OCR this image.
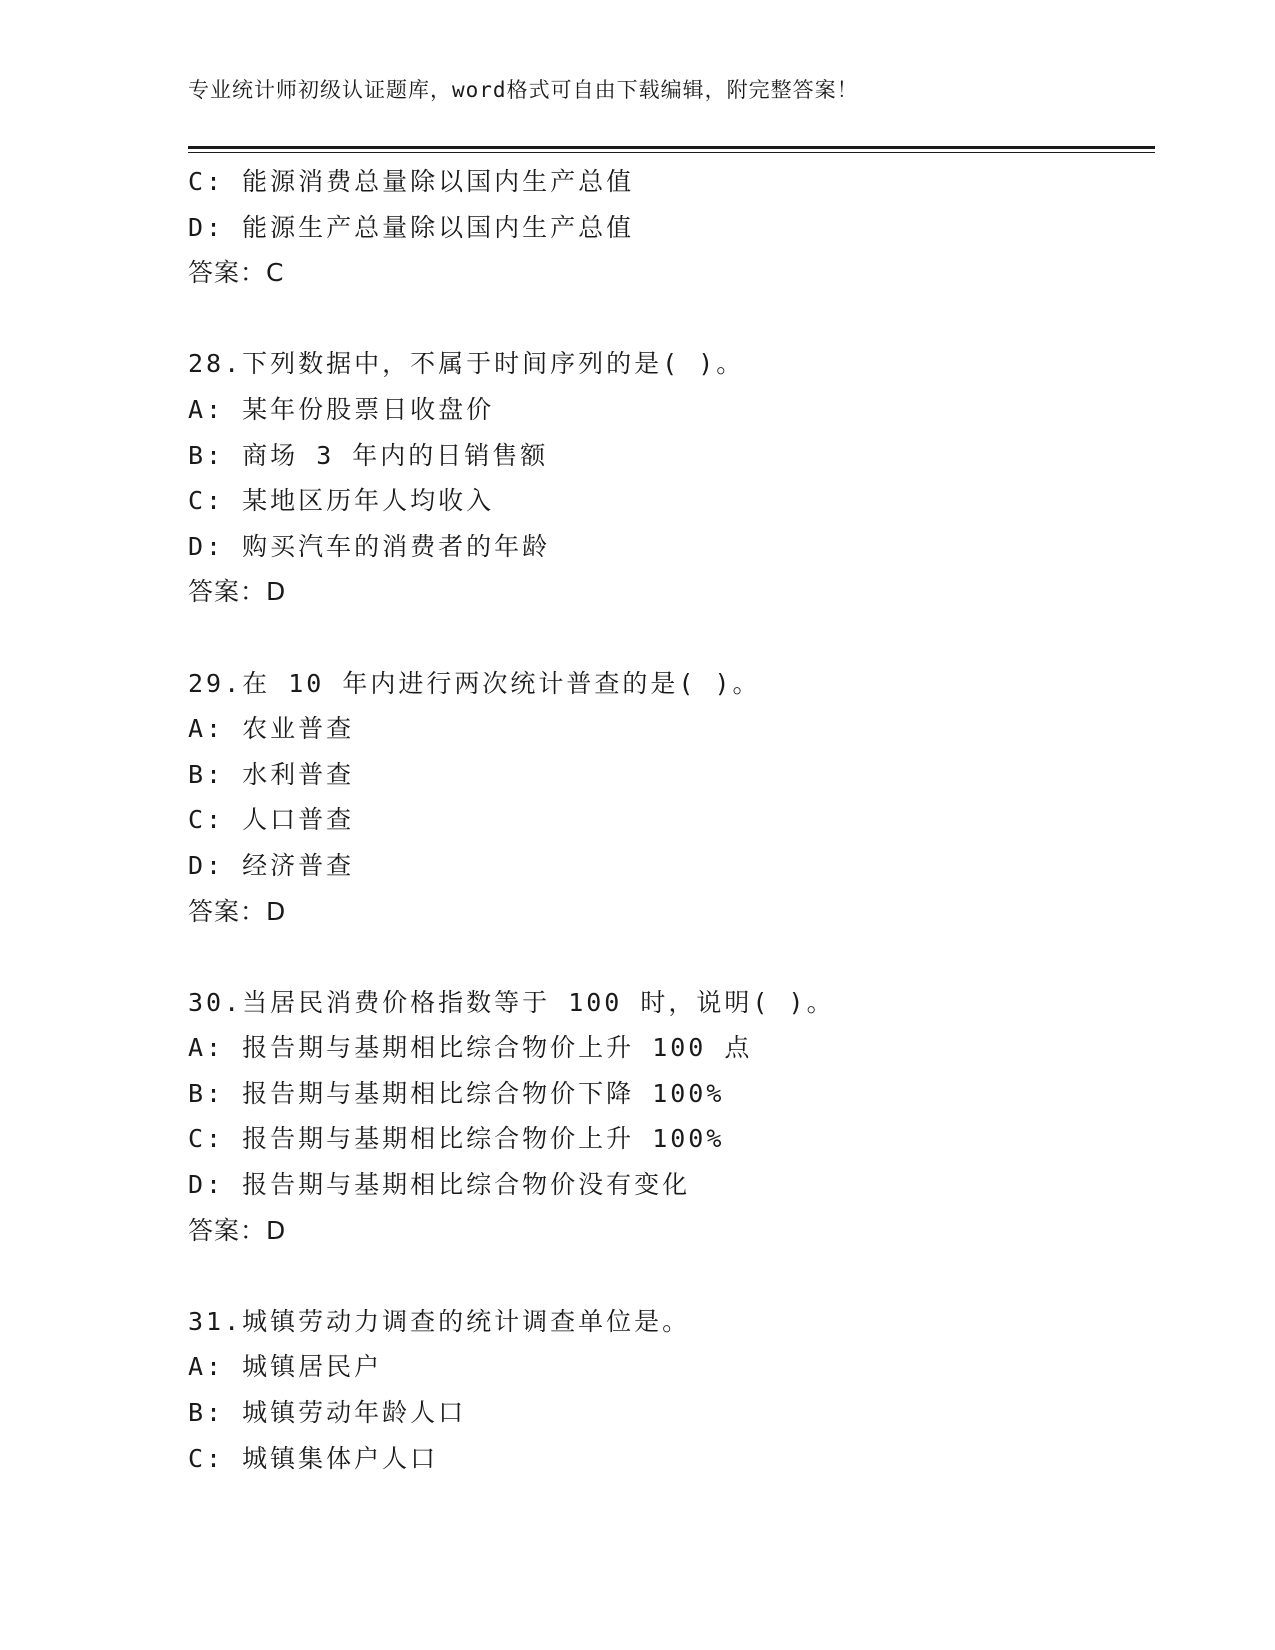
专业统计师初级认证题库，word格式可自由下载编辑，附完整答案！
C: 能源消费总量除以国内生产总值
D: 能源生产总量除以国内生产总值
答案：C
28.下列数据中，不属于时间序列的是( )。
A: 某年份股票日收盘价
B: 商场 3 年内的日销售额
C: 某地区历年人均收入
D: 购买汽车的消费者的年龄
答案：D
29.在 10 年内进行两次统计普查的是( )。
A: 农业普查
B: 水利普查
C: 人口普查
D: 经济普查
答案：D
30.当居民消费价格指数等于 100 时，说明( )。
A: 报告期与基期相比综合物价上升 100 点
B: 报告期与基期相比综合物价下降 100%
C: 报告期与基期相比综合物价上升 100%
D: 报告期与基期相比综合物价没有变化
答案：D
31.城镇劳动力调查的统计调查单位是。
A: 城镇居民户
B: 城镇劳动年龄人口
C: 城镇集体户人口
